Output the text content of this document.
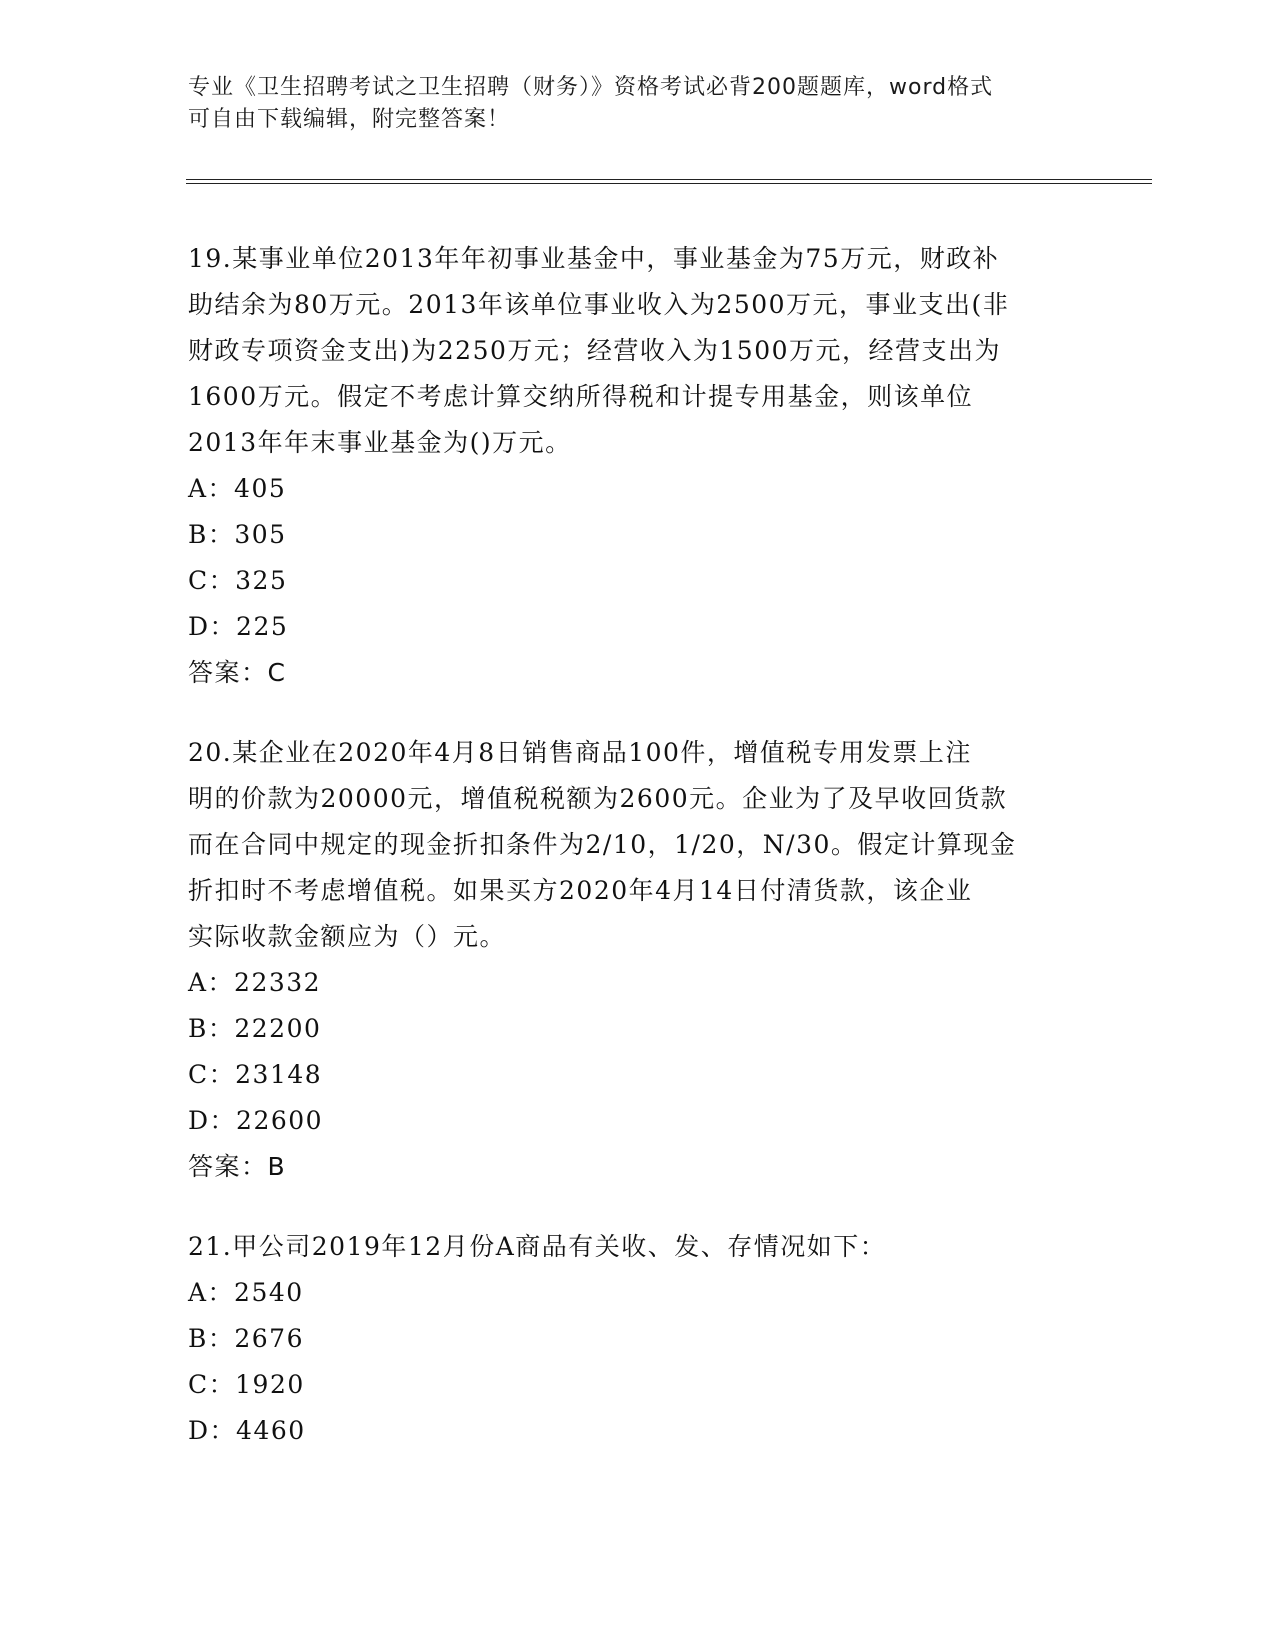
专业《卫生招聘考试之卫生招聘（财务）》资格考试必背200题题库，word格式
可自由下载编辑，附完整答案！
19.某事业单位2013年年初事业基金中，事业基金为75万元，财政补
助结余为80万元。2013年该单位事业收入为2500万元，事业支出(非
财政专项资金支出)为2250万元；经营收入为1500万元，经营支出为
1600万元。假定不考虑计算交纳所得税和计提专用基金，则该单位
2013年年末事业基金为()万元。
A：405
B：305
C：325
D：225
答案：C
20.某企业在2020年4月8日销售商品100件，增值税专用发票上注
明的价款为20000元，增值税税额为2600元。企业为了及早收回货款
而在合同中规定的现金折扣条件为2/10，1/20，N/30。假定计算现金
折扣时不考虑增值税。如果买方2020年4月14日付清货款，该企业
实际收款金额应为（）元。
A：22332
B：22200
C：23148
D：22600
答案：B
21.甲公司2019年12月份A商品有关收、发、存情况如下：
A：2540
B：2676
C：1920
D：4460
